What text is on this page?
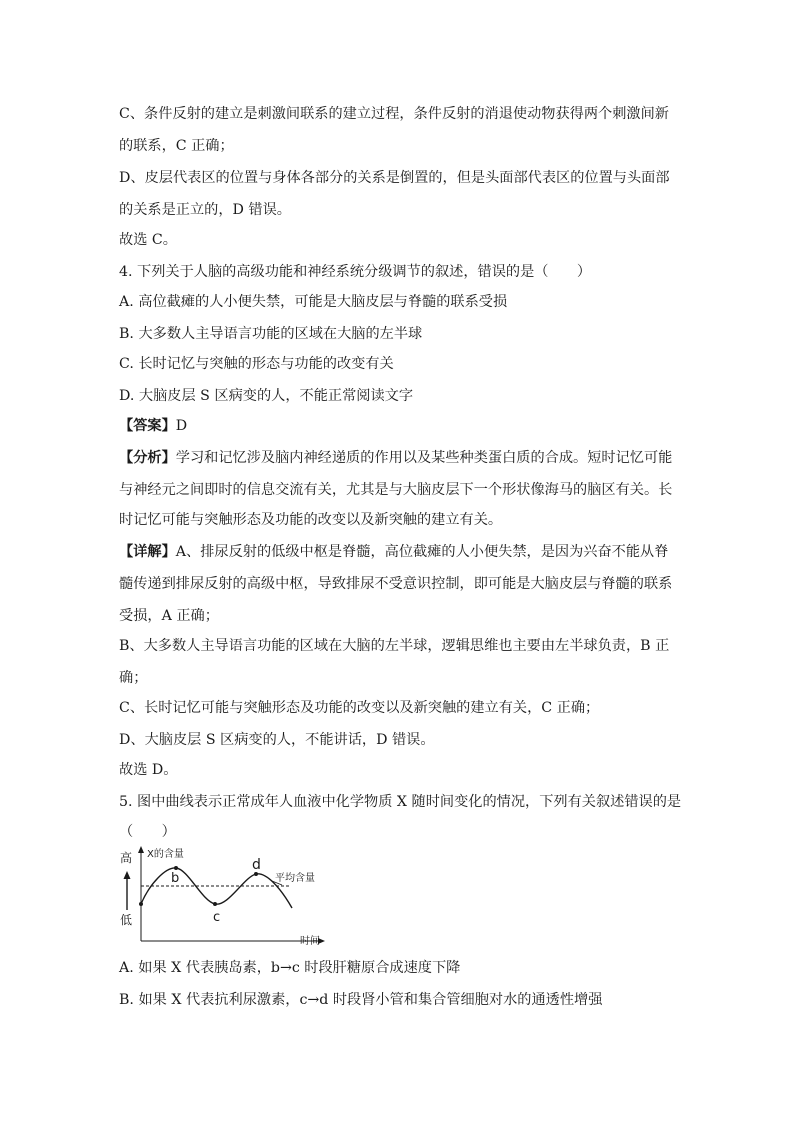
C、条件反射的建立是刺激间联系的建立过程，条件反射的消退使动物获得两个刺激间新
的联系，C 正确；
D、皮层代表区的位置与身体各部分的关系是倒置的，但是头面部代表区的位置与头面部
的关系是正立的，D 错误。
故选 C。
4. 下列关于人脑的高级功能和神经系统分级调节的叙述，错误的是（　　）
A. 高位截瘫的人小便失禁，可能是大脑皮层与脊髓的联系受损
B. 大多数人主导语言功能的区域在大脑的左半球
C. 长时记忆与突触的形态与功能的改变有关
D. 大脑皮层 S 区病变的人，不能正常阅读文字
【答案】D
【分析】学习和记忆涉及脑内神经递质的作用以及某些种类蛋白质的合成。短时记忆可能
与神经元之间即时的信息交流有关，尤其是与大脑皮层下一个形状像海马的脑区有关。长
时记忆可能与突触形态及功能的改变以及新突触的建立有关。
【详解】A、排尿反射的低级中枢是脊髓，高位截瘫的人小便失禁，是因为兴奋不能从脊
髓传递到排尿反射的高级中枢，导致排尿不受意识控制，即可能是大脑皮层与脊髓的联系
受损，A 正确；
B、大多数人主导语言功能的区域在大脑的左半球，逻辑思维也主要由左半球负责，B 正
确；
C、长时记忆可能与突触形态及功能的改变以及新突触的建立有关，C 正确；
D、大脑皮层 S 区病变的人，不能讲话，D 错误。
故选 D。
5. 图中曲线表示正常成年人血液中化学物质 X 随时间变化的情况，下列有关叙述错误的是
（　　）
A. 如果 X 代表胰岛素，b→c 时段肝糖原合成速度下降
B. 如果 X 代表抗利尿激素，c→d 时段肾小管和集合管细胞对水的通透性增强
高
低
X的含量
时间
平均含量
b
c
d
